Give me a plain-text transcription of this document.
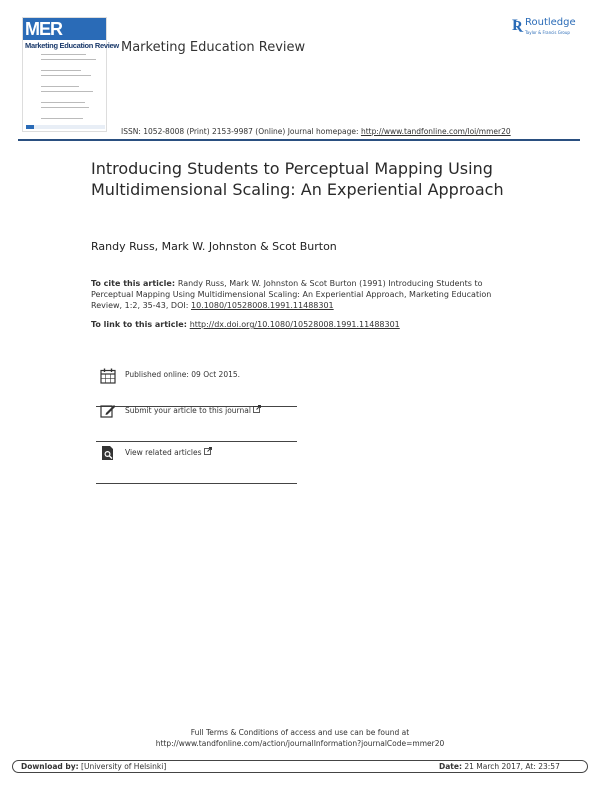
MER
Marketing Education Review Marketing Education Review
Ʀ Routledge
Taylor & Francis Group
ISSN: 1052-8008 (Print) 2153-9987 (Online) Journal homepage: http://www.tandfonline.com/loi/mmer20
Introducing Students to Perceptual Mapping Using Multidimensional Scaling: An Experiential Approach
Randy Russ, Mark W. Johnston & Scot Burton
To cite this article: Randy Russ, Mark W. Johnston & Scot Burton (1991) Introducing Students to Perceptual Mapping Using Multidimensional Scaling: An Experiential Approach, Marketing Education Review, 1:2, 35-43, DOI: 10.1080/10528008.1991.11488301
To link to this article: http://dx.doi.org/10.1080/10528008.1991.11488301
Published online: 09 Oct 2015.
Submit your article to this journal
View related articles
Full Terms & Conditions of access and use can be found at
http://www.tandfonline.com/action/journalInformation?journalCode=mmer20
Download by: [University of Helsinki]	Date: 21 March 2017, At: 23:57
